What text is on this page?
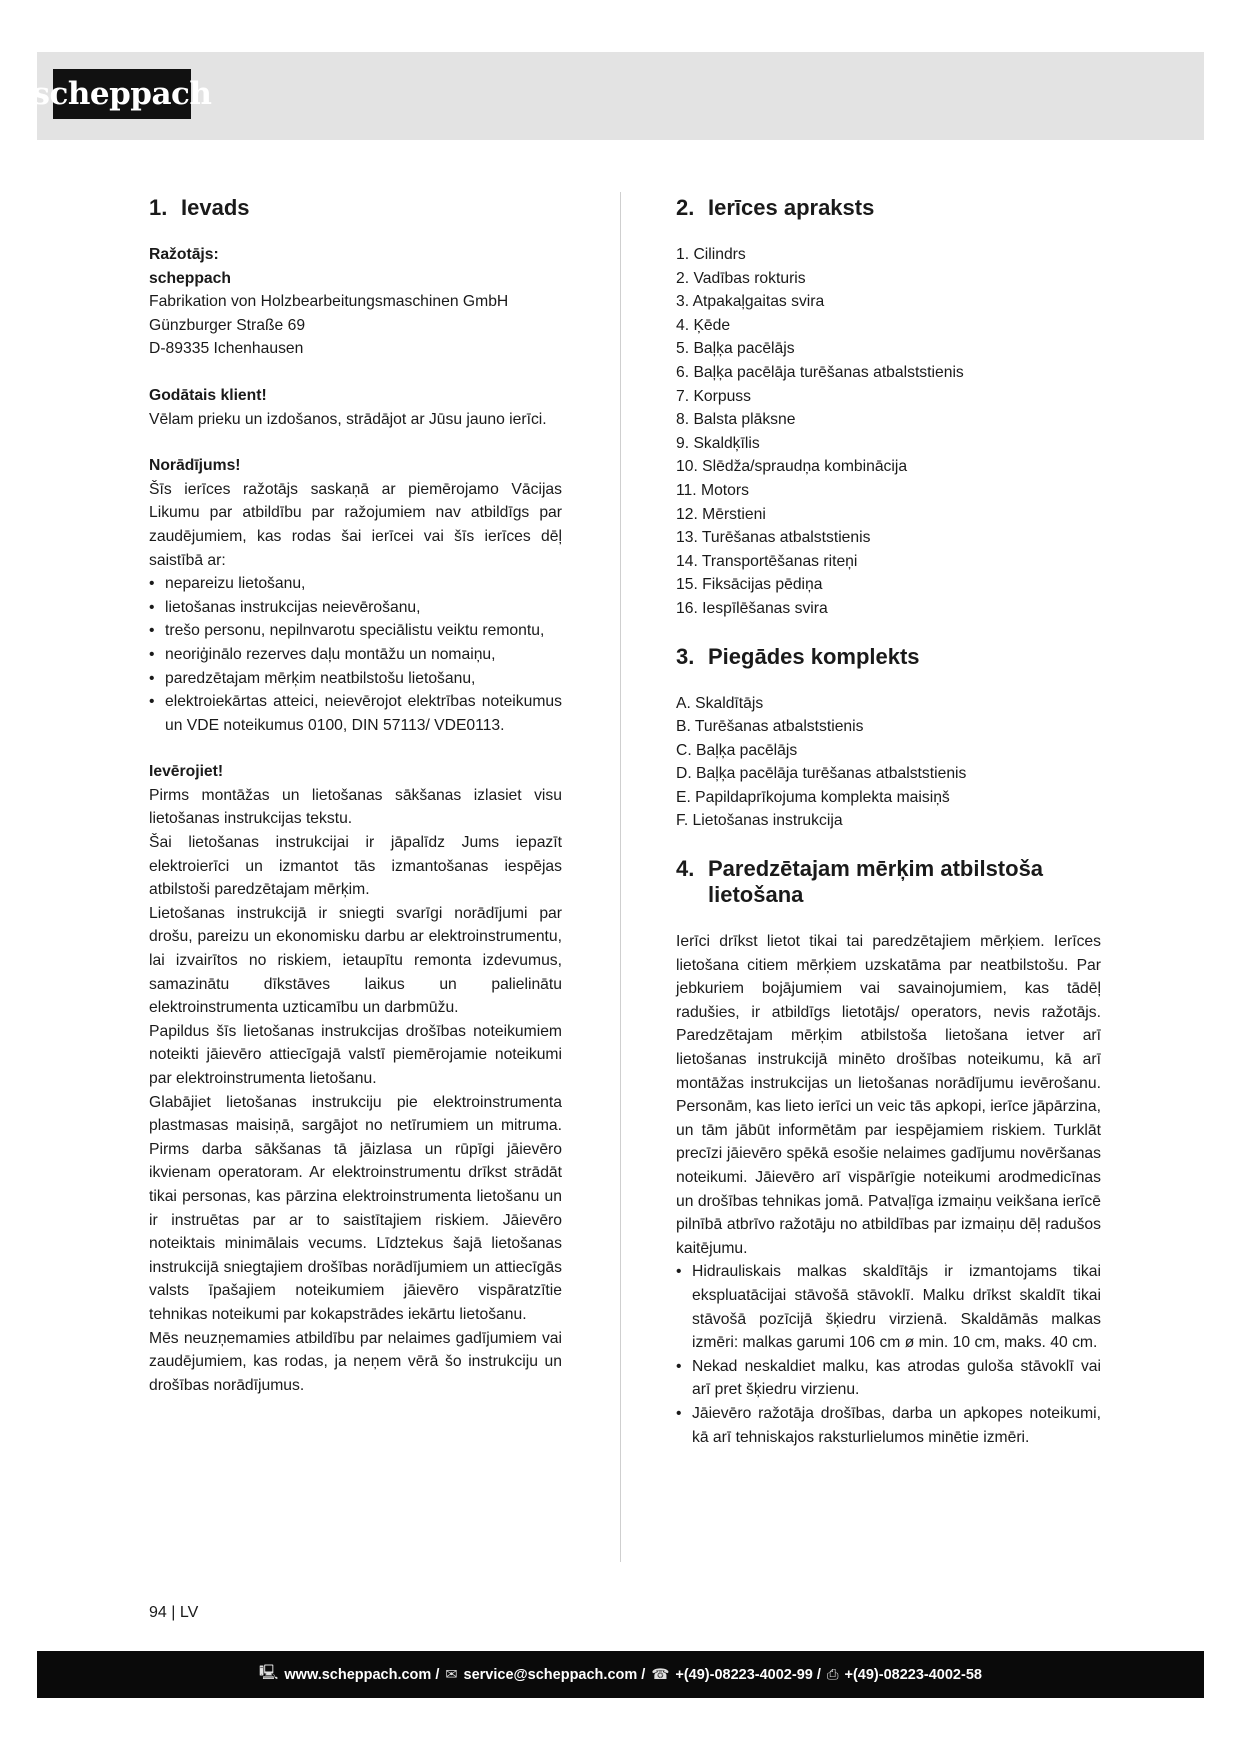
scheppach
1. Ievads

Ražotājs:

scheppach

Fabrikation von Holzbearbeitungsmaschinen GmbH

Günzburger Straße 69

D-89335 Ichenhausen

Godātais klient!

Vēlam prieku un izdošanos, strādājot ar Jūsu jauno ierīci.

Norādījums!

Šīs ierīces ražotājs saskaņā ar piemērojamo Vācijas Likumu par atbildību par ražojumiem nav atbildīgs par zaudējumiem, kas rodas šai ierīcei vai šīs ierīces dēļ saistībā ar:

• nepareizu lietošanu,
• lietošanas instrukcijas neievērošanu,
• trešo personu, nepilnvarotu speciālistu veiktu remontu,
• neoriģinālo rezerves daļu montāžu un nomaiņu,
• paredzētajam mērķim neatbilstošu lietošanu,
• elektroiekārtas atteici, neievērojot elektrības noteikumus un VDE noteikumus 0100, DIN 57113/ VDE0113.

Ievērojiet!

Pirms montāžas un lietošanas sākšanas izlasiet visu lietošanas instrukcijas tekstu.

Šai lietošanas instrukcijai ir jāpalīdz Jums iepazīt elektroierīci un izmantot tās izmantošanas iespējas atbilstoši paredzētajam mērķim.

Lietošanas instrukcijā ir sniegti svarīgi norādījumi par drošu, pareizu un ekonomisku darbu ar elektroinstrumentu, lai izvairītos no riskiem, ietaupītu remonta izdevumus, samazinātu dīkstāves laikus un palielinātu elektroinstrumenta uzticamību un darbmūžu.

Papildus šīs lietošanas instrukcijas drošības noteikumiem noteikti jāievēro attiecīgajā valstī piemērojamie noteikumi par elektroinstrumenta lietošanu.

Glabājiet lietošanas instrukciju pie elektroinstrumenta plastmasas maisiņā, sargājot no netīrumiem un mitruma. Pirms darba sākšanas tā jāizlasa un rūpīgi jāievēro ikvienam operatoram. Ar elektroinstrumentu drīkst strādāt tikai personas, kas pārzina elektroinstrumenta lietošanu un ir instruētas par ar to saistītajiem riskiem. Jāievēro noteiktais minimālais vecums. Līdztekus šajā lietošanas instrukcijā sniegtajiem drošības norādījumiem un attiecīgās valsts īpašajiem noteikumiem jāievēro vispāratzītie tehnikas noteikumi par kokapstrādes iekārtu lietošanu.

Mēs neuzņemamies atbildību par nelaimes gadījumiem vai zaudējumiem, kas rodas, ja neņem vērā šo instrukciju un drošības norādījumus.

2. Ierīces apraksts

1. Cilindrs

2. Vadības rokturis

3. Atpakaļgaitas svira

4. Ķēde

5. Baļķa pacēlājs

6. Baļķa pacēlāja turēšanas atbalststienis

7. Korpuss

8. Balsta plāksne

9. Skaldķīlis

10. Slēdža/spraudņa kombinācija

11. Motors

12. Mērstieni

13. Turēšanas atbalststienis

14. Transportēšanas riteņi

15. Fiksācijas pēdiņa

16. Iespīlēšanas svira

3. Piegādes komplekts

A. Skaldītājs

B. Turēšanas atbalststienis

C. Baļķa pacēlājs

D. Baļķa pacēlāja turēšanas atbalststienis

E. Papildaprīkojuma komplekta maisiņš

F. Lietošanas instrukcija

4. Paredzētajam mērķim atbilstoša lietošana

Ierīci drīkst lietot tikai tai paredzētajiem mērķiem. Ierīces lietošana citiem mērķiem uzskatāma par neatbilstošu. Par jebkuriem bojājumiem vai savainojumiem, kas tādēļ radušies, ir atbildīgs lietotājs/ operators, nevis ražotājs. Paredzētajam mērķim atbilstoša lietošana ietver arī lietošanas instrukcijā minēto drošības noteikumu, kā arī montāžas instrukcijas un lietošanas norādījumu ievērošanu. Personām, kas lieto ierīci un veic tās apkopi, ierīce jāpārzina, un tām jābūt informētām par iespējamiem riskiem. Turklāt precīzi jāievēro spēkā esošie nelaimes gadījumu novēršanas noteikumi. Jāievēro arī vispārīgie noteikumi arodmedicīnas un drošības tehnikas jomā. Patvaļīga izmaiņu veikšana ierīcē pilnībā atbrīvo ražotāju no atbildības par izmaiņu dēļ radušos kaitējumu.

• Hidrauliskais malkas skaldītājs ir izmantojams tikai ekspluatācijai stāvošā stāvoklī. Malku drīkst skaldīt tikai stāvošā pozīcijā šķiedru virzienā. Skaldāmās malkas izmēri: malkas garumi 106 cm ø min. 10 cm, maks. 40 cm.
• Nekad neskaldiet malku, kas atrodas guloša stāvoklī vai arī pret šķiedru virzienu.
• Jāievēro ražotāja drošības, darba un apkopes noteikumi, kā arī tehniskajos raksturlielumos minētie izmēri.
94 | LV
🖳 www.scheppach.com / ✉ service@scheppach.com / ☎ +(49)-08223-4002-99 / ⎙ +(49)-08223-4002-58
